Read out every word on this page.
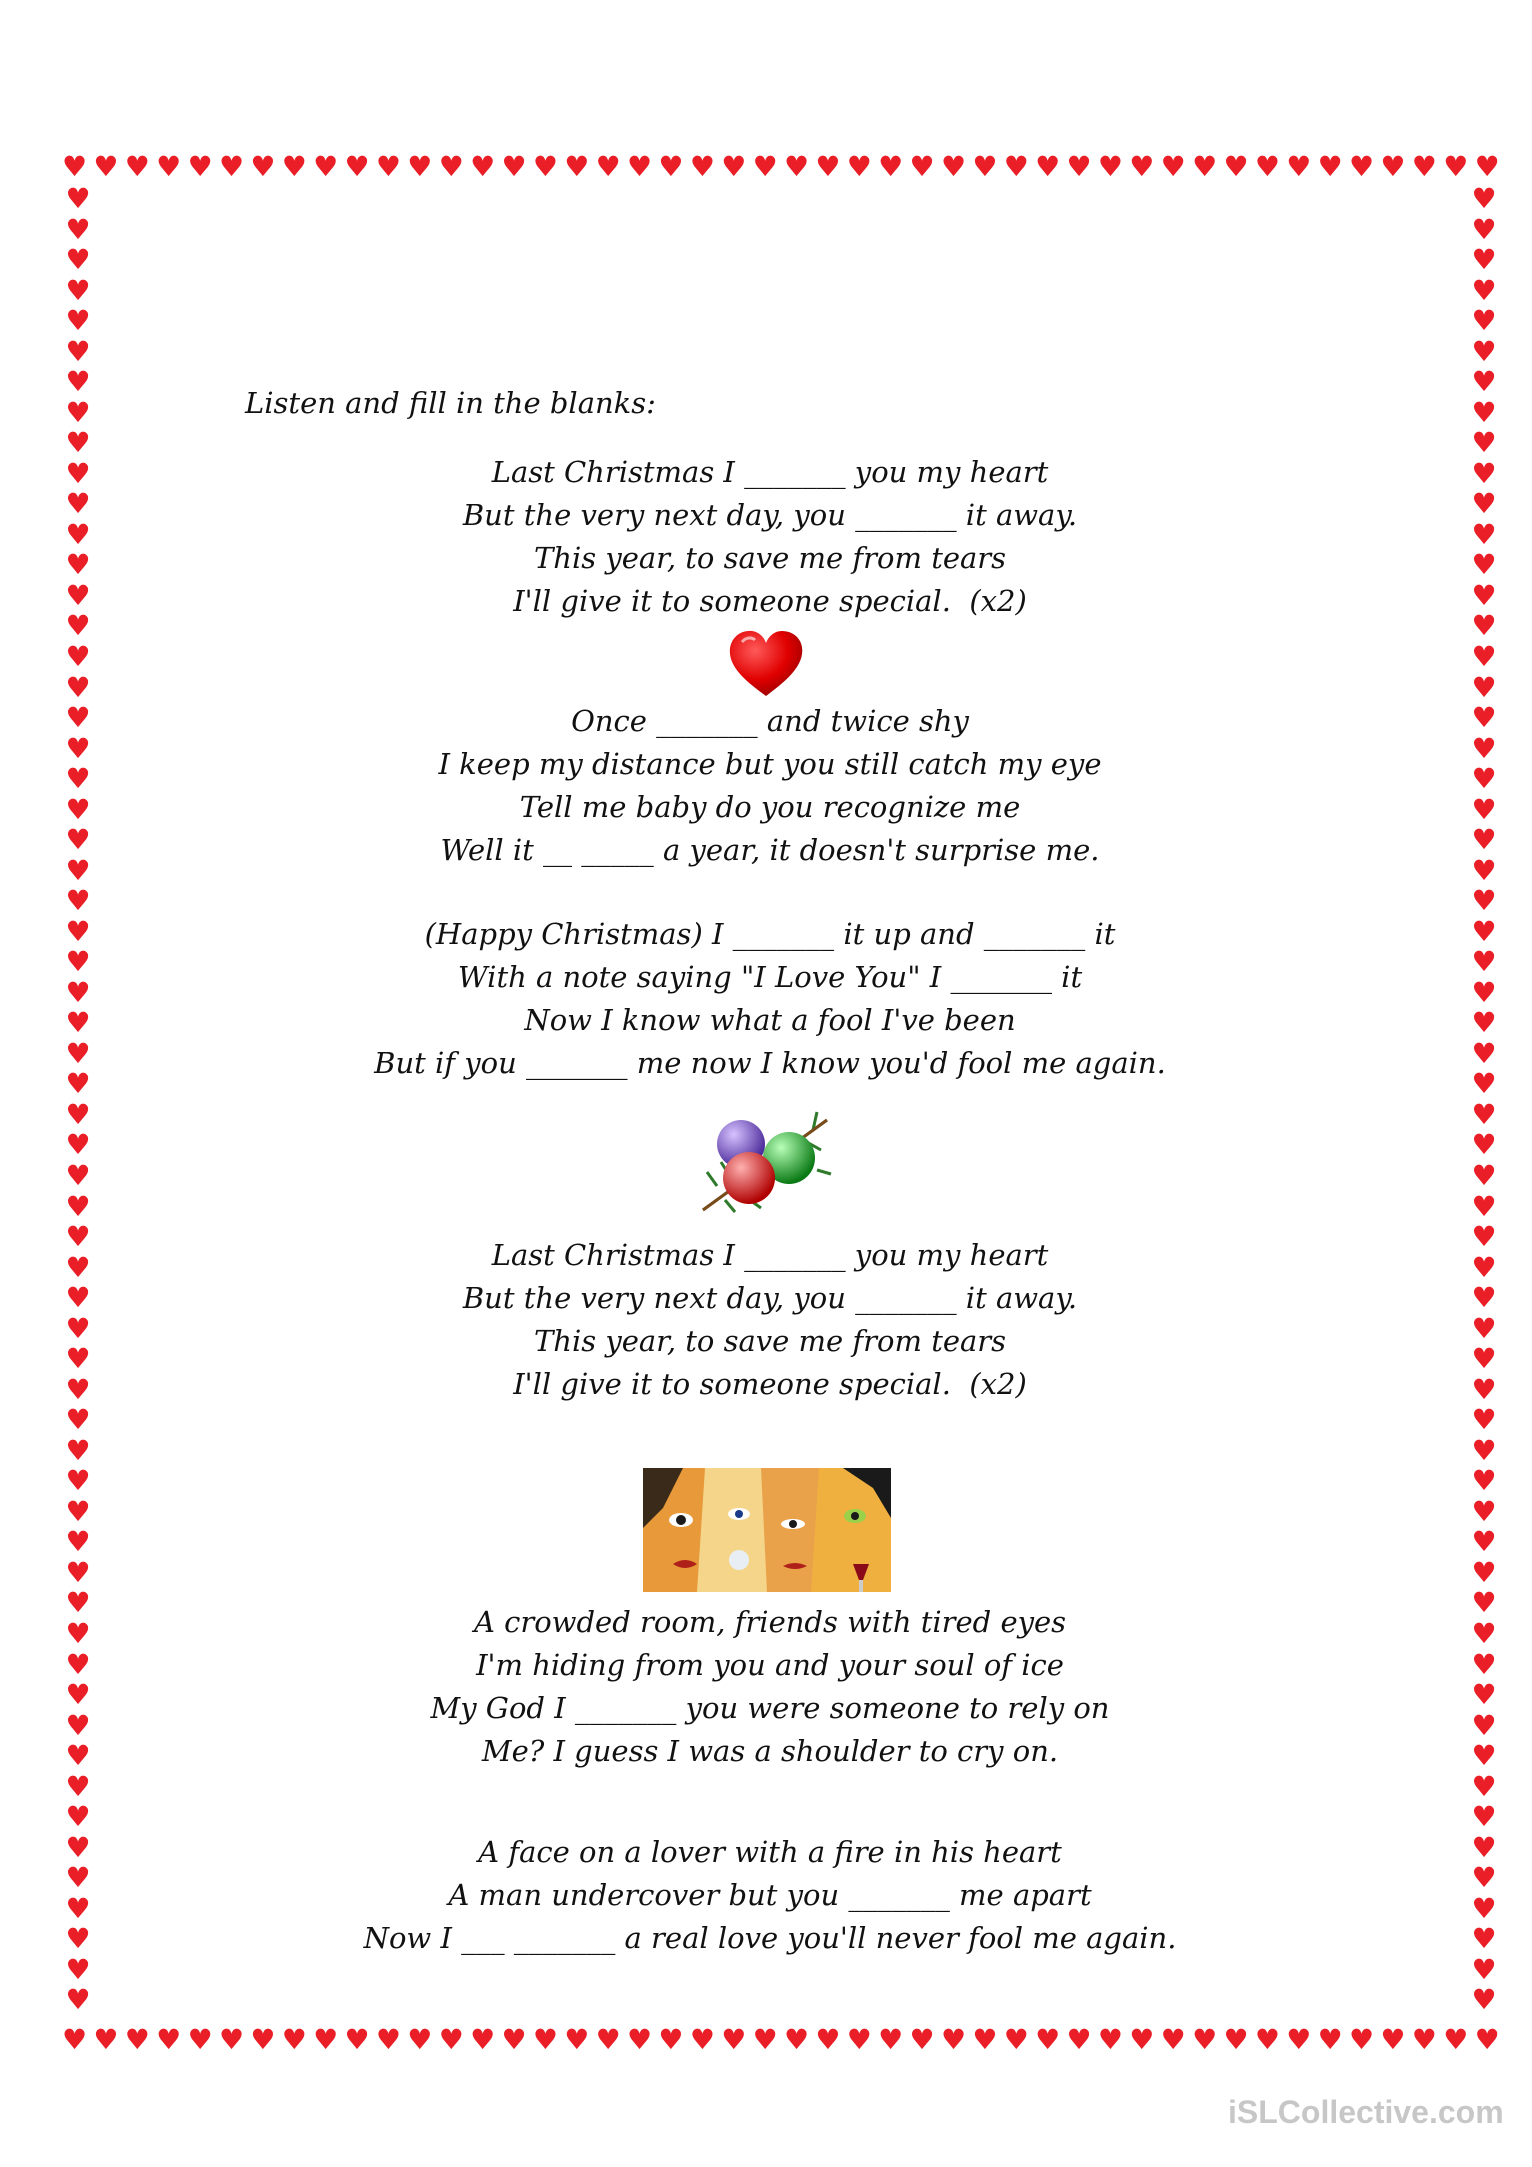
♥ ♥ ♥ ♥ ♥ ♥ ♥ ♥ ♥ ♥ ♥ ♥ ♥ ♥ ♥ ♥ ♥ ♥ ♥ ♥ ♥ ♥ ♥ ♥ ♥ ♥ ♥ ♥ ♥ ♥ ♥ ♥ ♥ ♥ ♥ ♥ ♥ ♥ ♥ ♥ ♥ ♥ ♥ ♥ ♥ ♥
♥ ♥ ♥ ♥ ♥ ♥ ♥ ♥ ♥ ♥ ♥ ♥ ♥ ♥ ♥ ♥ ♥ ♥ ♥ ♥ ♥ ♥ ♥ ♥ ♥ ♥ ♥ ♥ ♥ ♥ ♥ ♥ ♥ ♥ ♥ ♥ ♥ ♥ ♥ ♥ ♥ ♥ ♥ ♥ ♥ ♥
♥
♥
♥
♥
♥
♥
♥
♥
♥
♥
♥
♥
♥
♥
♥
♥
♥
♥
♥
♥
♥
♥
♥
♥
♥
♥
♥
♥
♥
♥
♥
♥
♥
♥
♥
♥
♥
♥
♥
♥
♥
♥
♥
♥
♥
♥
♥
♥
♥
♥
♥
♥
♥
♥
♥
♥
♥
♥
♥
♥
♥
♥
♥
♥
♥
♥
♥
♥
♥
♥
♥
♥
♥
♥
♥
♥
♥
♥
♥
♥
♥
♥
♥
♥
♥
♥
♥
♥
♥
♥
♥
♥
♥
♥
♥
♥
♥
♥
♥
♥
♥
♥
♥
♥
♥
♥
♥
♥
♥
♥
♥
♥
♥
♥
♥
♥
♥
♥
♥
♥
Listen and fill in the blanks:
Last Christmas I _______ you my heart
But the very next day, you _______ it away.
This year, to save me from tears
I'll give it to someone special.  (x2)
Once _______ and twice shy
I keep my distance but you still catch my eye
Tell me baby do you recognize me
Well it __ _____ a year, it doesn't surprise me.
(Happy Christmas) I _______ it up and _______ it
With a note saying "I Love You" I _______ it
Now I know what a fool I've been
But if you _______ me now I know you'd fool me again.
Last Christmas I _______ you my heart
But the very next day, you _______ it away.
This year, to save me from tears
I'll give it to someone special.  (x2)
A crowded room, friends with tired eyes
I'm hiding from you and your soul of ice
My God I _______ you were someone to rely on
Me? I guess I was a shoulder to cry on.
A face on a lover with a fire in his heart
A man undercover but you _______ me apart
Now I ___ _______ a real love you'll never fool me again.
iSLCollective.com
